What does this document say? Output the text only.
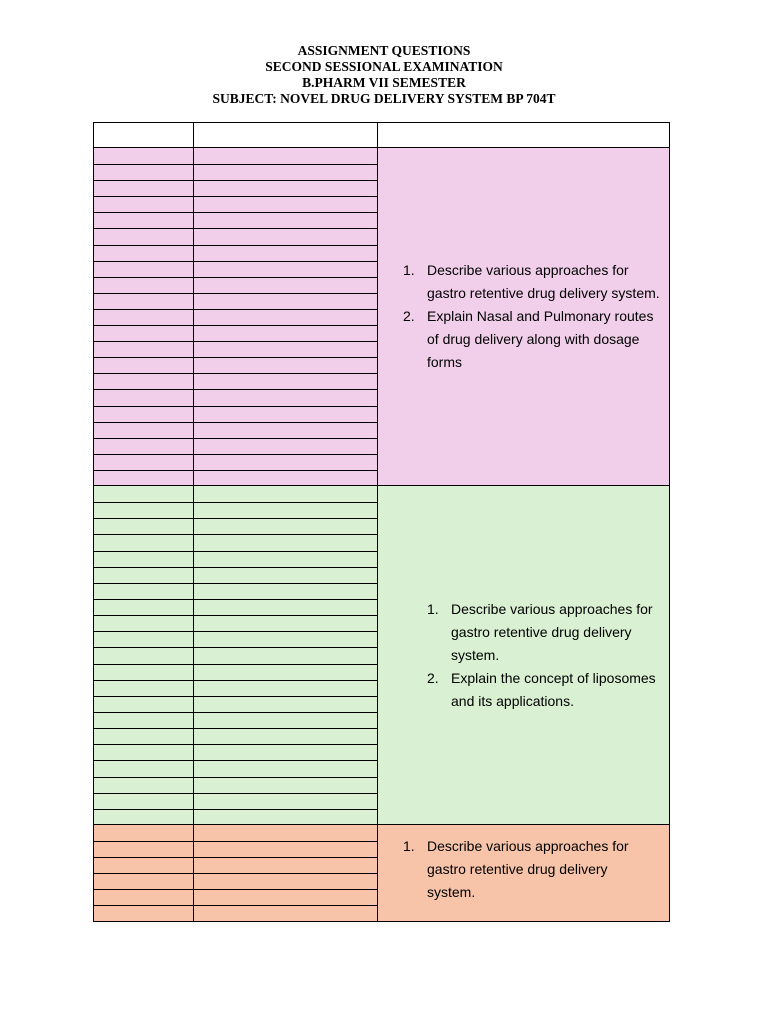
ASSIGNMENT QUESTIONS
SECOND SESSIONAL EXAMINATION
B.PHARM VII SEMESTER
SUBJECT: NOVEL DRUG DELIVERY SYSTEM BP 704T
1. Describe various approaches for gastro retentive drug delivery system.
2. Explain Nasal and Pulmonary routes of drug delivery along with dosage forms
1. Describe various approaches for gastro retentive drug delivery system.
2. Explain the concept of liposomes and its applications.
1. Describe various approaches for gastro retentive drug delivery system.
